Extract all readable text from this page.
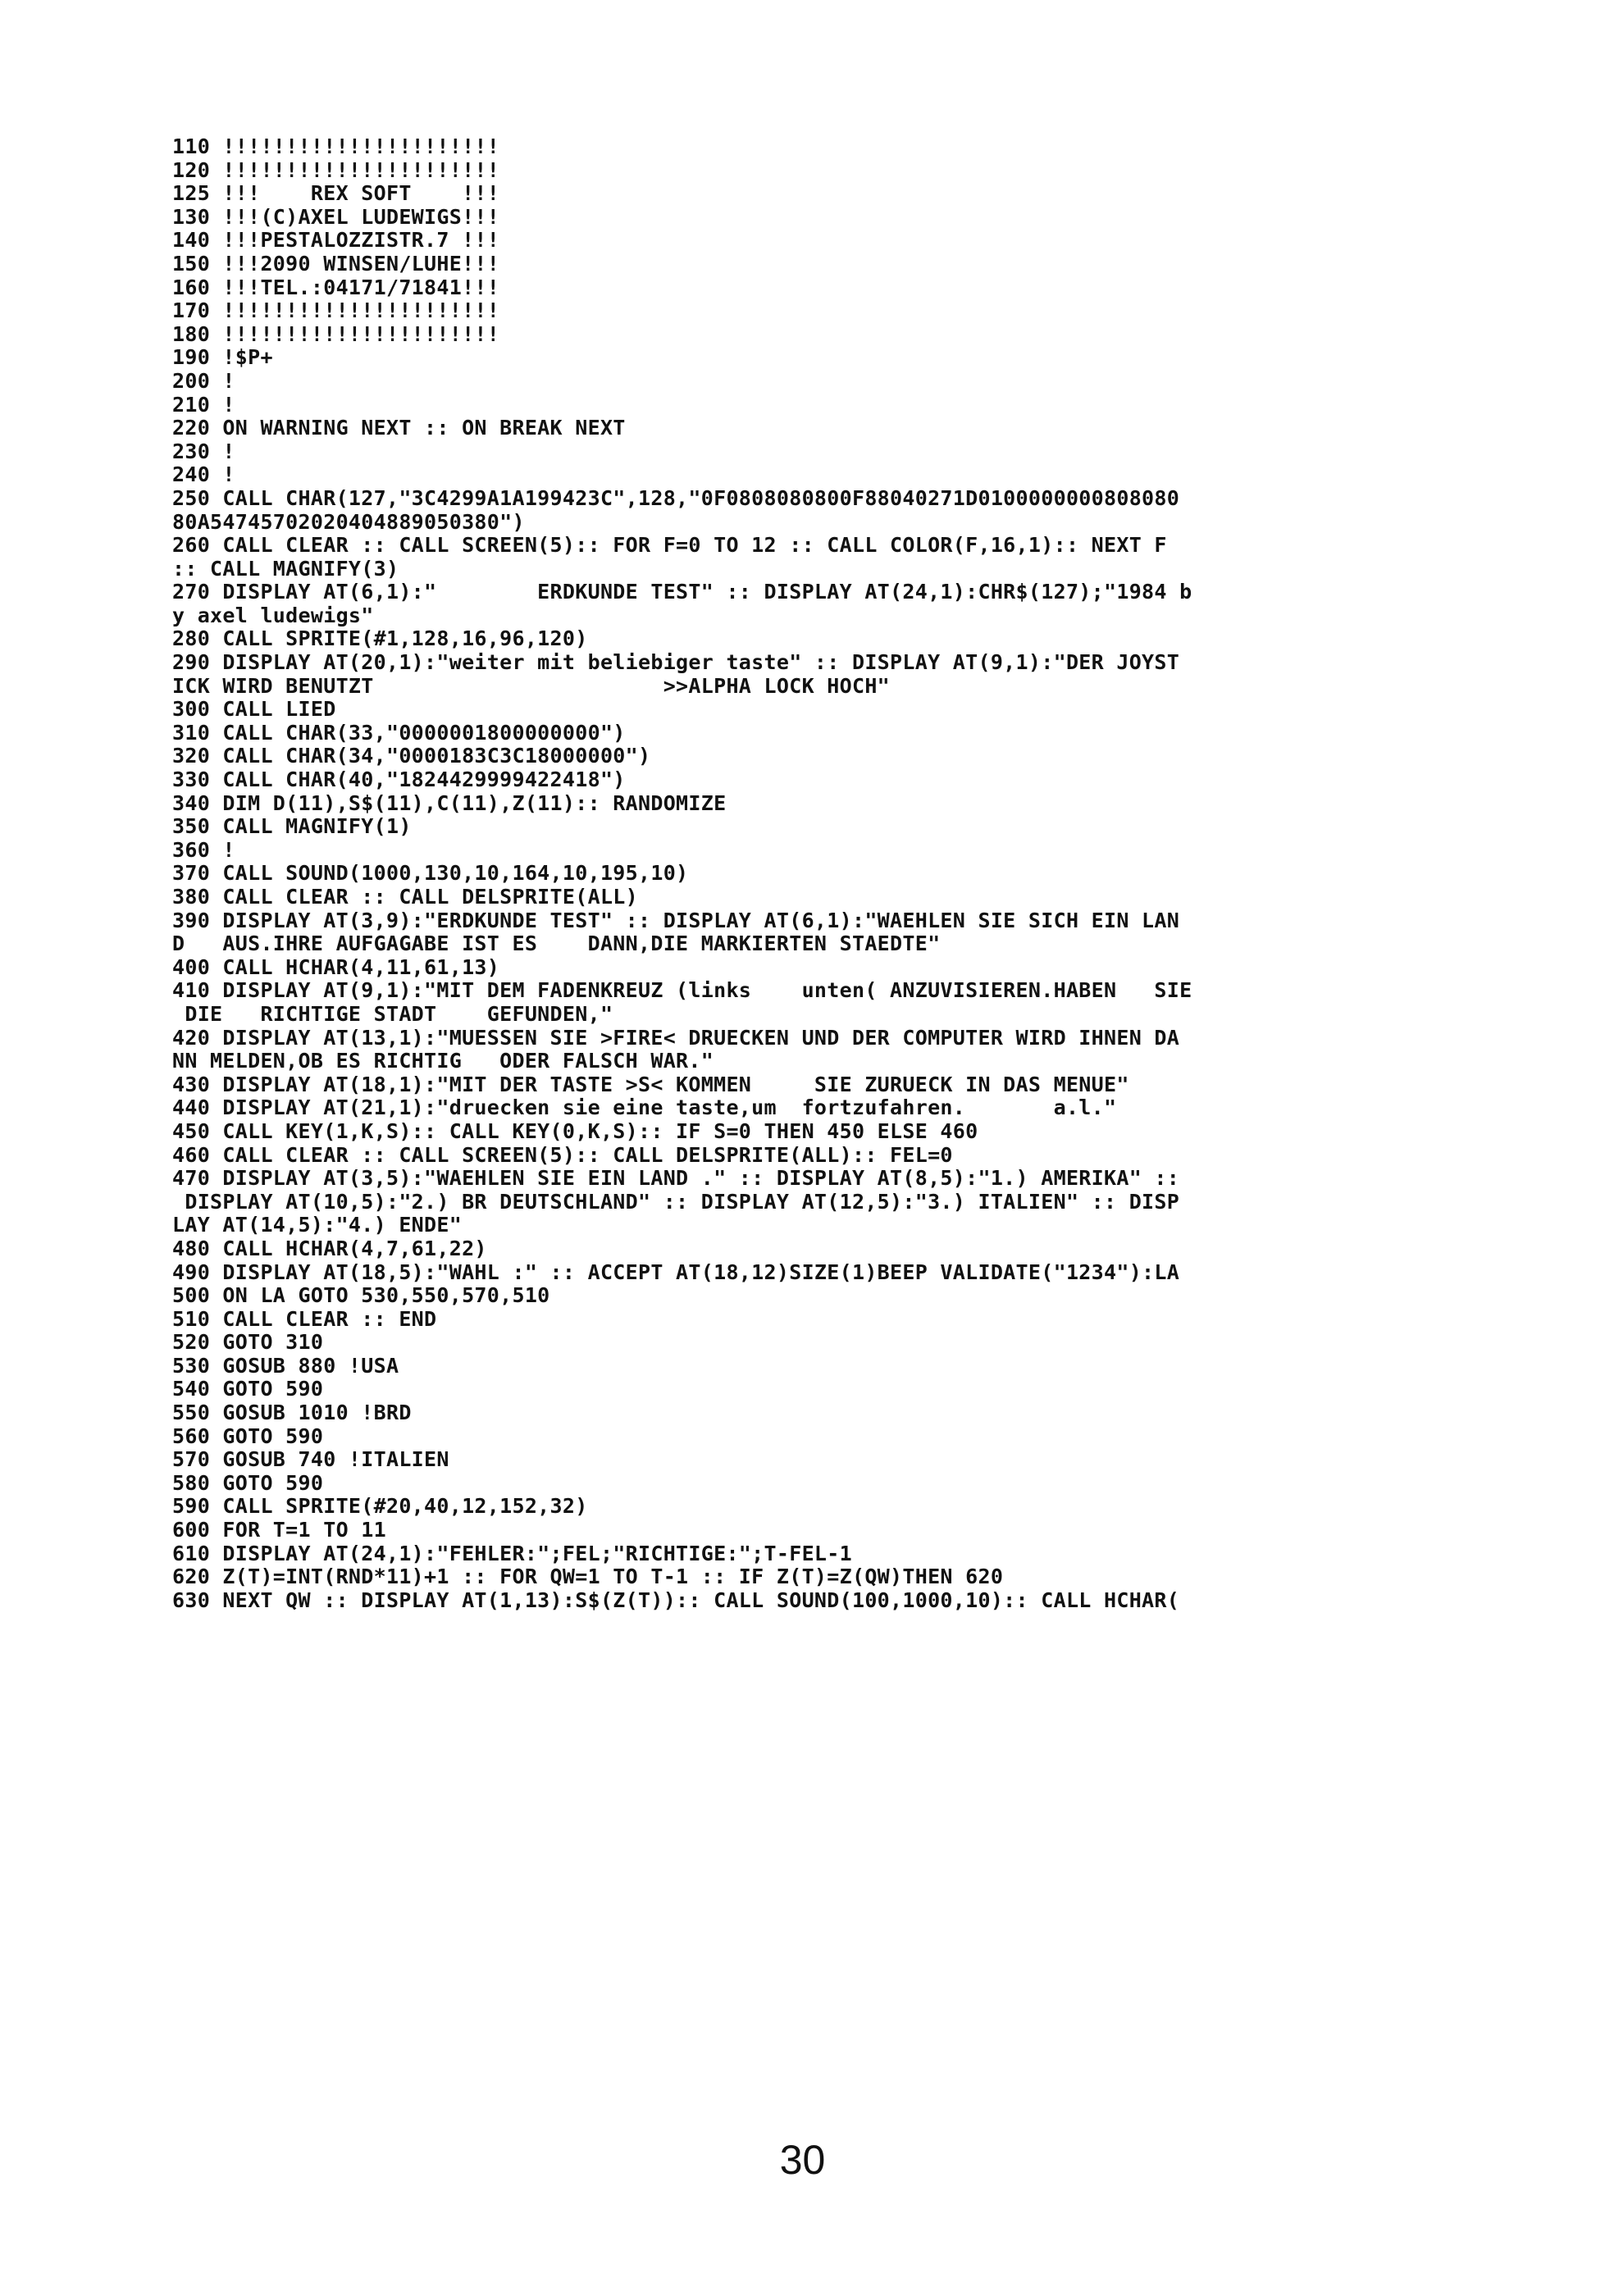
110 !!!!!!!!!!!!!!!!!!!!!!
120 !!!!!!!!!!!!!!!!!!!!!!
125 !!!    REX SOFT    !!!
130 !!!(C)AXEL LUDEWIGS!!!
140 !!!PESTALOZZISTR.7 !!!
150 !!!2090 WINSEN/LUHE!!!
160 !!!TEL.:04171/71841!!!
170 !!!!!!!!!!!!!!!!!!!!!!
180 !!!!!!!!!!!!!!!!!!!!!!
190 !$P+
200 !
210 !
220 ON WARNING NEXT :: ON BREAK NEXT
230 !
240 !
250 CALL CHAR(127,"3C4299A1A199423C",128,"0F0808080800F88040271D0100000000808080
80A54745702020404889050380")
260 CALL CLEAR :: CALL SCREEN(5):: FOR F=0 TO 12 :: CALL COLOR(F,16,1):: NEXT F
:: CALL MAGNIFY(3)
270 DISPLAY AT(6,1):"        ERDKUNDE TEST" :: DISPLAY AT(24,1):CHR$(127);"1984 b
y axel ludewigs"
280 CALL SPRITE(#1,128,16,96,120)
290 DISPLAY AT(20,1):"weiter mit beliebiger taste" :: DISPLAY AT(9,1):"DER JOYST
ICK WIRD BENUTZT                       >>ALPHA LOCK HOCH"
300 CALL LIED
310 CALL CHAR(33,"0000001800000000")
320 CALL CHAR(34,"0000183C3C18000000")
330 CALL CHAR(40,"1824429999422418")
340 DIM D(11),S$(11),C(11),Z(11):: RANDOMIZE
350 CALL MAGNIFY(1)
360 !
370 CALL SOUND(1000,130,10,164,10,195,10)
380 CALL CLEAR :: CALL DELSPRITE(ALL)
390 DISPLAY AT(3,9):"ERDKUNDE TEST" :: DISPLAY AT(6,1):"WAEHLEN SIE SICH EIN LAN
D   AUS.IHRE AUFGAGABE IST ES    DANN,DIE MARKIERTEN STAEDTE"
400 CALL HCHAR(4,11,61,13)
410 DISPLAY AT(9,1):"MIT DEM FADENKREUZ (links    unten( ANZUVISIEREN.HABEN   SIE
DIE   RICHTIGE STADT    GEFUNDEN,"
420 DISPLAY AT(13,1):"MUESSEN SIE >FIRE< DRUECKEN UND DER COMPUTER WIRD IHNEN DA
NN MELDEN,OB ES RICHTIG   ODER FALSCH WAR."
430 DISPLAY AT(18,1):"MIT DER TASTE >S< KOMMEN     SIE ZURUECK IN DAS MENUE"
440 DISPLAY AT(21,1):"druecken sie eine taste,um  fortzufahren.       a.l."
450 CALL KEY(1,K,S):: CALL KEY(0,K,S):: IF S=0 THEN 450 ELSE 460
460 CALL CLEAR :: CALL SCREEN(5):: CALL DELSPRITE(ALL):: FEL=0
470 DISPLAY AT(3,5):"WAEHLEN SIE EIN LAND ." :: DISPLAY AT(8,5):"1.) AMERIKA" ::
DISPLAY AT(10,5):"2.) BR DEUTSCHLAND" :: DISPLAY AT(12,5):"3.) ITALIEN" :: DISP
LAY AT(14,5):"4.) ENDE"
480 CALL HCHAR(4,7,61,22)
490 DISPLAY AT(18,5):"WAHL :" :: ACCEPT AT(18,12)SIZE(1)BEEP VALIDATE("1234"):LA
500 ON LA GOTO 530,550,570,510
510 CALL CLEAR :: END
520 GOTO 310
530 GOSUB 880 !USA
540 GOTO 590
550 GOSUB 1010 !BRD
560 GOTO 590
570 GOSUB 740 !ITALIEN
580 GOTO 590
590 CALL SPRITE(#20,40,12,152,32)
600 FOR T=1 TO 11
610 DISPLAY AT(24,1):"FEHLER:";FEL;"RICHTIGE:";T-FEL-1
620 Z(T)=INT(RND*11)+1 :: FOR QW=1 TO T-1 :: IF Z(T)=Z(QW)THEN 620
630 NEXT QW :: DISPLAY AT(1,13):S$(Z(T)):: CALL SOUND(100,1000,10):: CALL HCHAR(
30
